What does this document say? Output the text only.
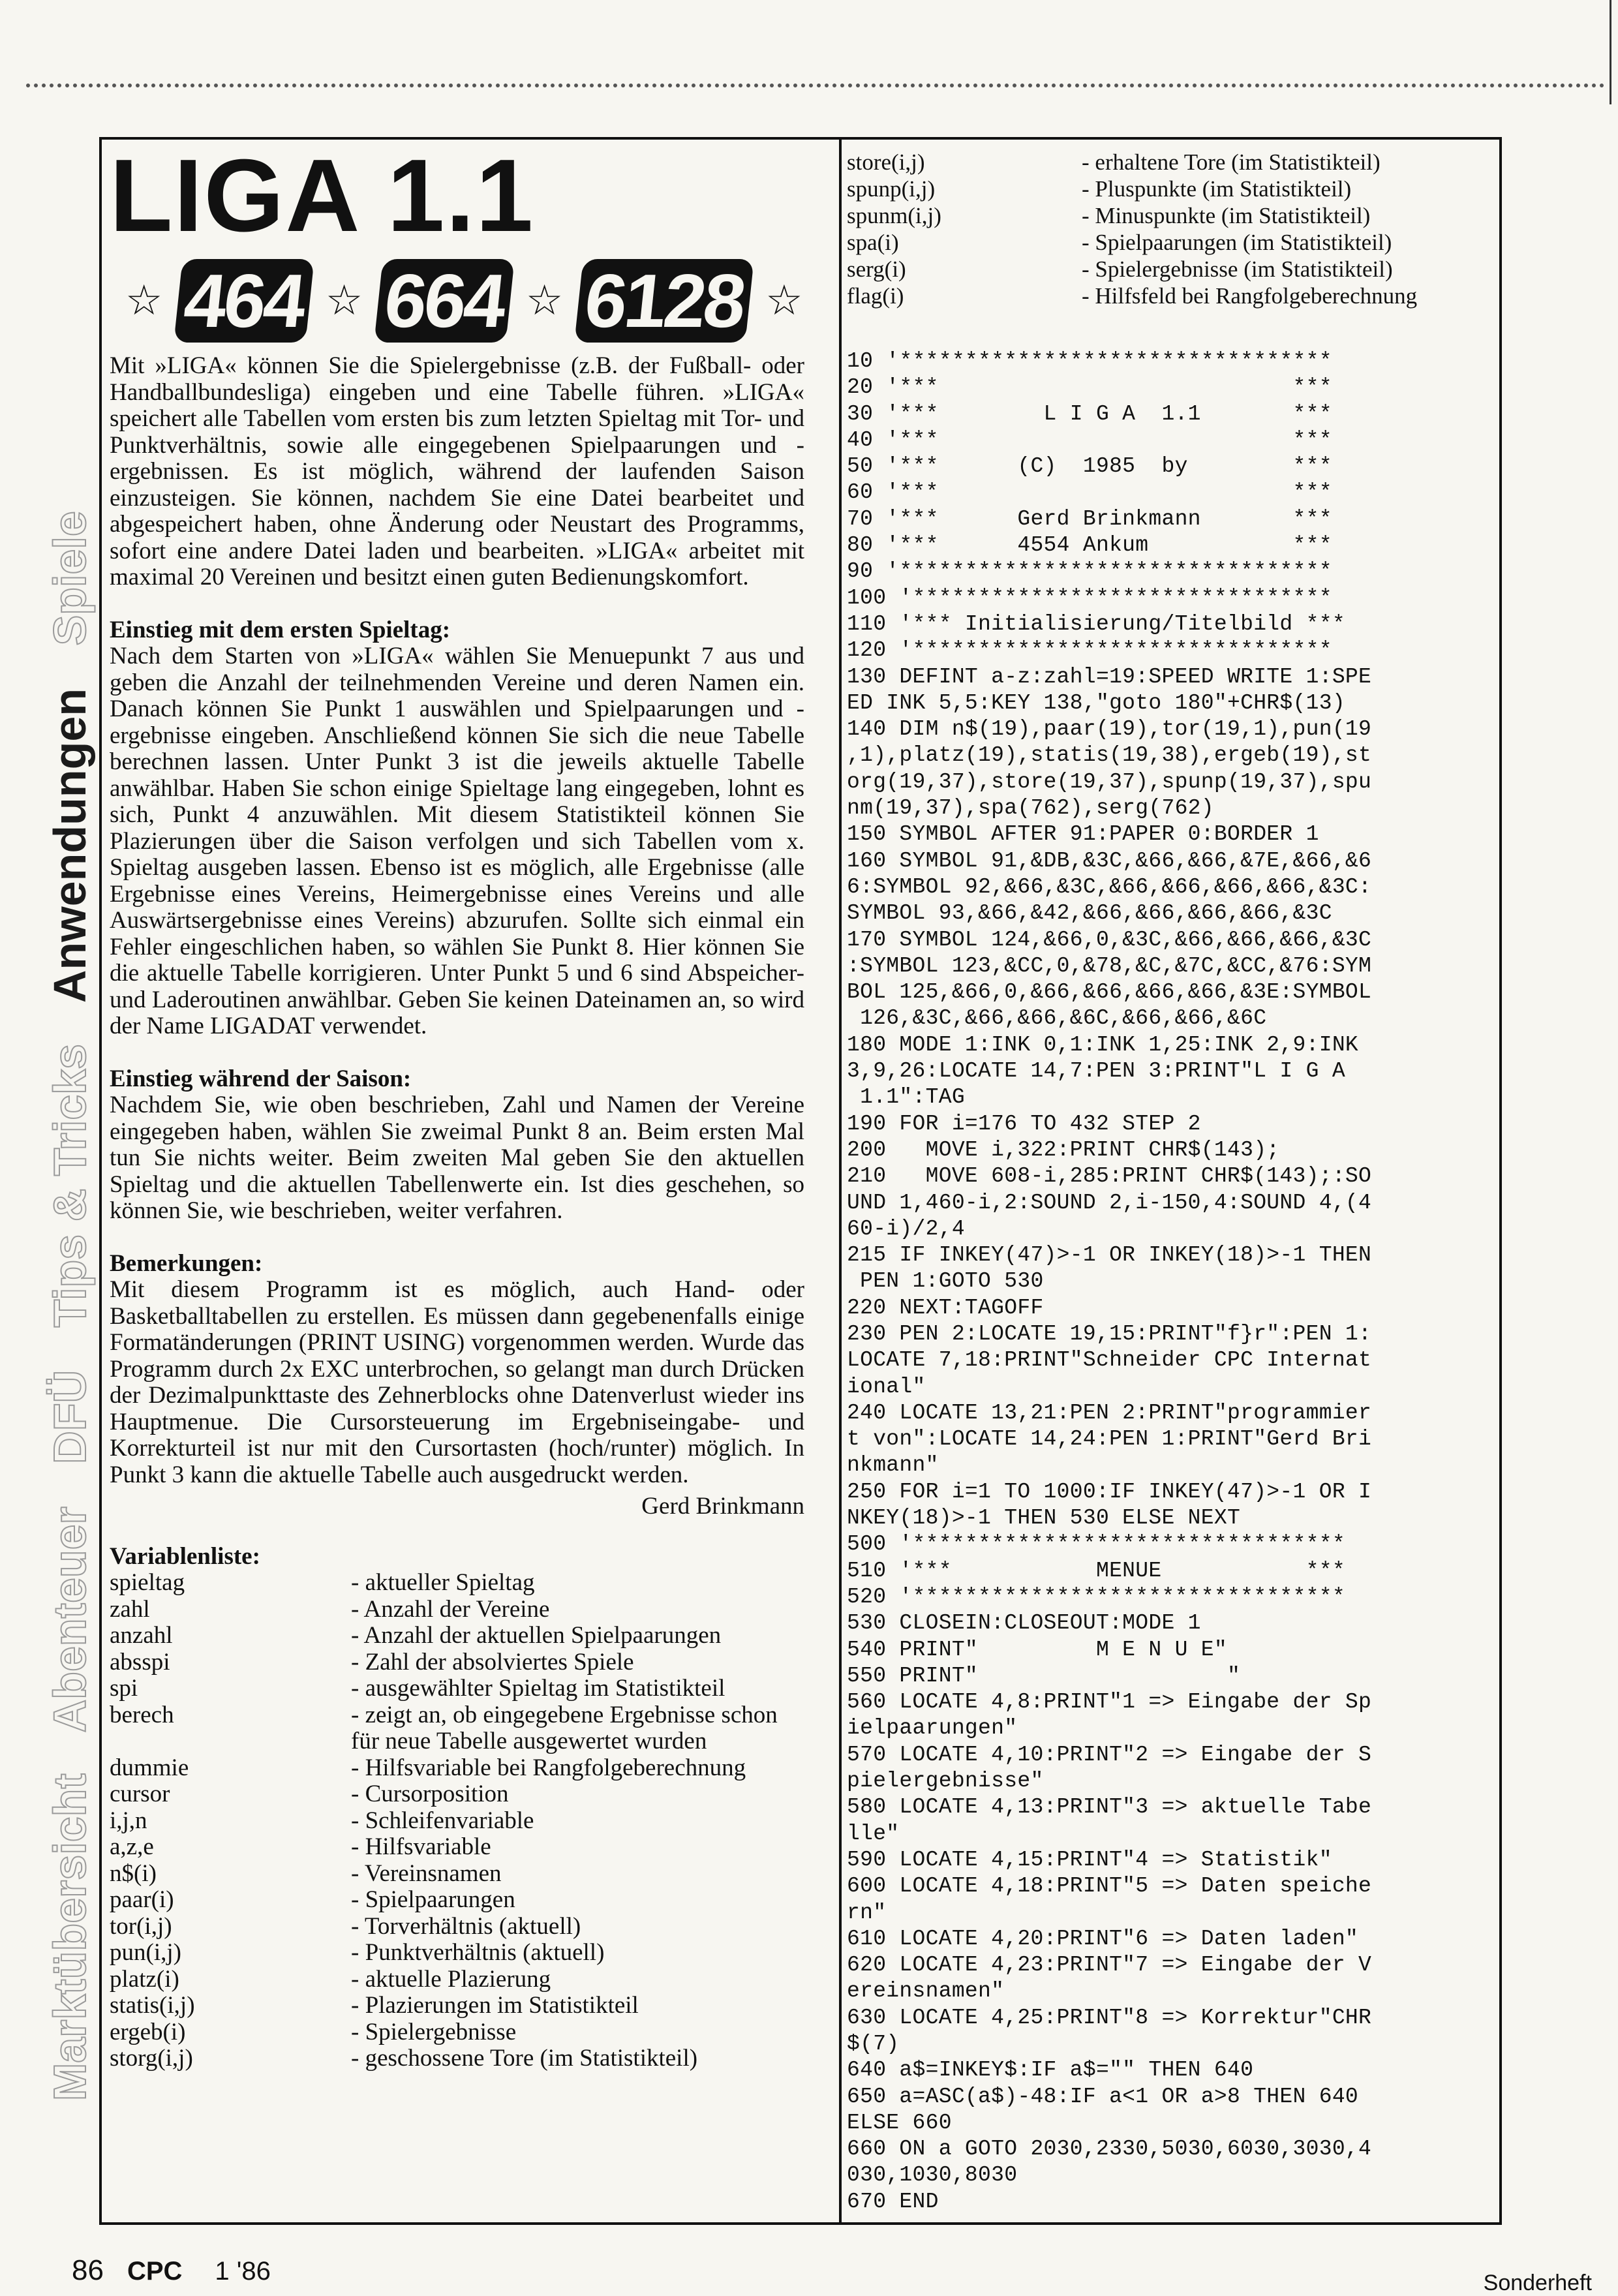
Marktübersicht Abenteuer DFÜ Tips & Tricks Anwendungen Spiele
LIGA 1.1
☆ 464 ☆ 664 ☆ 6128 ☆

Mit »LIGA« können Sie die Spielergebnisse (z.B. der Fußball- oder Handballbundesliga) eingeben und eine Tabelle führen. »LIGA« speichert alle Tabellen vom ersten bis zum letzten Spieltag mit Tor- und Punktverhältnis, sowie alle eingegebenen Spielpaarungen und -ergebnissen. Es ist möglich, während der laufenden Saison einzusteigen. Sie können, nachdem Sie eine Datei bearbeitet und abgespeichert haben, ohne Änderung oder Neustart des Programms, sofort eine andere Datei laden und bearbeiten. »LIGA« arbeitet mit maximal 20 Vereinen und besitzt einen guten Bedienungskomfort.

Einstieg mit dem ersten Spieltag:

Nach dem Starten von »LIGA« wählen Sie Menuepunkt 7 aus und geben die Anzahl der teilnehmenden Vereine und deren Namen ein. Danach können Sie Punkt 1 auswählen und Spielpaarungen und -ergebnisse eingeben. Anschließend können Sie sich die neue Tabelle berechnen lassen. Unter Punkt 3 ist die jeweils aktuelle Tabelle anwählbar. Haben Sie schon einige Spieltage lang eingegeben, lohnt es sich, Punkt 4 anzuwählen. Mit diesem Statistikteil können Sie Plazierungen über die Saison verfolgen und sich Tabellen vom x. Spieltag ausgeben lassen. Ebenso ist es möglich, alle Ergebnisse (alle Ergebnisse eines Vereins, Heimergebnisse eines Vereins und alle Auswärtsergebnisse eines Vereins) abzurufen. Sollte sich einmal ein Fehler eingeschlichen haben, so wählen Sie Punkt 8. Hier können Sie die aktuelle Tabelle korrigieren. Unter Punkt 5 und 6 sind Abspeicher- und Laderoutinen anwählbar. Geben Sie keinen Dateinamen an, so wird der Name LIGADAT verwendet.

Einstieg während der Saison:

Nachdem Sie, wie oben beschrieben, Zahl und Namen der Vereine eingegeben haben, wählen Sie zweimal Punkt 8 an. Beim ersten Mal tun Sie nichts weiter. Beim zweiten Mal geben Sie den aktuellen Spieltag und die aktuellen Tabellenwerte ein. Ist dies geschehen, so können Sie, wie beschrieben, weiter verfahren.

Bemerkungen:

Mit diesem Programm ist es möglich, auch Hand- oder Basketballtabellen zu erstellen. Es müssen dann gegebenenfalls einige Formatänderungen (PRINT USING) vorgenommen werden. Wurde das Programm durch 2x EXC unterbrochen, so gelangt man durch Drücken der Dezimalpunkttaste des Zehnerblocks ohne Datenverlust wieder ins Hauptmenue. Die Cursorsteuerung im Ergebniseingabe- und Korrekturteil ist nur mit den Cursortasten (hoch/runter) möglich. In Punkt 3 kann die aktuelle Tabelle auch ausgedruckt werden.

Gerd Brinkmann

Variablenliste:

spieltag	- aktueller Spieltag
zahl	- Anzahl der Vereine
anzahl	- Anzahl der aktuellen Spielpaarungen
absspi	- Zahl der absolviertes Spiele
spi	- ausgewählter Spieltag im Statistikteil
berech	- zeigt an, ob eingegebene Ergebnisse schon für neue Tabelle ausgewertet wurden
dummie	- Hilfsvariable bei Rangfolgeberechnung
cursor	- Cursorposition
i,j,n	- Schleifenvariable
a,z,e	- Hilfsvariable
n$(i)	- Vereinsnamen
paar(i)	- Spielpaarungen
tor(i,j)	- Torverhältnis (aktuell)
pun(i,j)	- Punktverhältnis (aktuell)
platz(i)	- aktuelle Plazierung
statis(i,j)	- Plazierungen im Statistikteil
ergeb(i)	- Spielergebnisse
storg(i,j)	- geschossene Tore (im Statistikteil)
store(i,j)	- erhaltene Tore (im Statistikteil)
spunp(i,j)	- Pluspunkte (im Statistikteil)
spunm(i,j)	- Minuspunkte (im Statistikteil)
spa(i)	- Spielpaarungen (im Statistikteil)
serg(i)	- Spielergebnisse (im Statistikteil)
flag(i)	- Hilfsfeld bei Rangfolgeberechnung
10 '*********************************
20 '***                           ***
30 '***        L I G A  1.1       ***
40 '***                           ***
50 '***      (C)  1985  by        ***
60 '***                           ***
70 '***      Gerd Brinkmann       ***
80 '***      4554 Ankum           ***
90 '*********************************
100 '********************************
110 '*** Initialisierung/Titelbild ***
120 '********************************
130 DEFINT a-z:zahl=19:SPEED WRITE 1:SPE
ED INK 5,5:KEY 138,"goto 180"+CHR$(13)
140 DIM n$(19),paar(19),tor(19,1),pun(19
,1),platz(19),statis(19,38),ergeb(19),st
org(19,37),store(19,37),spunp(19,37),spu
nm(19,37),spa(762),serg(762)
150 SYMBOL AFTER 91:PAPER 0:BORDER 1
160 SYMBOL 91,&DB,&3C,&66,&66,&7E,&66,&6
6:SYMBOL 92,&66,&3C,&66,&66,&66,&66,&3C:
SYMBOL 93,&66,&42,&66,&66,&66,&66,&3C
170 SYMBOL 124,&66,0,&3C,&66,&66,&66,&3C
:SYMBOL 123,&CC,0,&78,&C,&7C,&CC,&76:SYM
BOL 125,&66,0,&66,&66,&66,&66,&3E:SYMBOL
126,&3C,&66,&66,&6C,&66,&66,&6C
180 MODE 1:INK 0,1:INK 1,25:INK 2,9:INK
3,9,26:LOCATE 14,7:PEN 3:PRINT"L I G A
1.1":TAG
190 FOR i=176 TO 432 STEP 2
200   MOVE i,322:PRINT CHR$(143);
210   MOVE 608-i,285:PRINT CHR$(143);:SO
UND 1,460-i,2:SOUND 2,i-150,4:SOUND 4,(4
60-i)/2,4
215 IF INKEY(47)>-1 OR INKEY(18)>-1 THEN
PEN 1:GOTO 530
220 NEXT:TAGOFF
230 PEN 2:LOCATE 19,15:PRINT"f}r":PEN 1:
LOCATE 7,18:PRINT"Schneider CPC Internat
ional"
240 LOCATE 13,21:PEN 2:PRINT"programmier
t von":LOCATE 14,24:PEN 1:PRINT"Gerd Bri
nkmann"
250 FOR i=1 TO 1000:IF INKEY(47)>-1 OR I
NKEY(18)>-1 THEN 530 ELSE NEXT
500 '*********************************
510 '***           MENUE           ***
520 '*********************************
530 CLOSEIN:CLOSEOUT:MODE 1
540 PRINT"         M E N U E"
550 PRINT"                   "
560 LOCATE 4,8:PRINT"1 => Eingabe der Sp
ielpaarungen"
570 LOCATE 4,10:PRINT"2 => Eingabe der S
pielergebnisse"
580 LOCATE 4,13:PRINT"3 => aktuelle Tabe
lle"
590 LOCATE 4,15:PRINT"4 => Statistik"
600 LOCATE 4,18:PRINT"5 => Daten speiche
rn"
610 LOCATE 4,20:PRINT"6 => Daten laden"
620 LOCATE 4,23:PRINT"7 => Eingabe der V
ereinsnamen"
630 LOCATE 4,25:PRINT"8 => Korrektur"CHR
$(7)
640 a$=INKEY$:IF a$="" THEN 640
650 a=ASC(a$)-48:IF a<1 OR a>8 THEN 640
ELSE 660
660 ON a GOTO 2030,2330,5030,6030,3030,4
030,1030,8030
670 END
86 CPC 1 '86	Sonderheft
